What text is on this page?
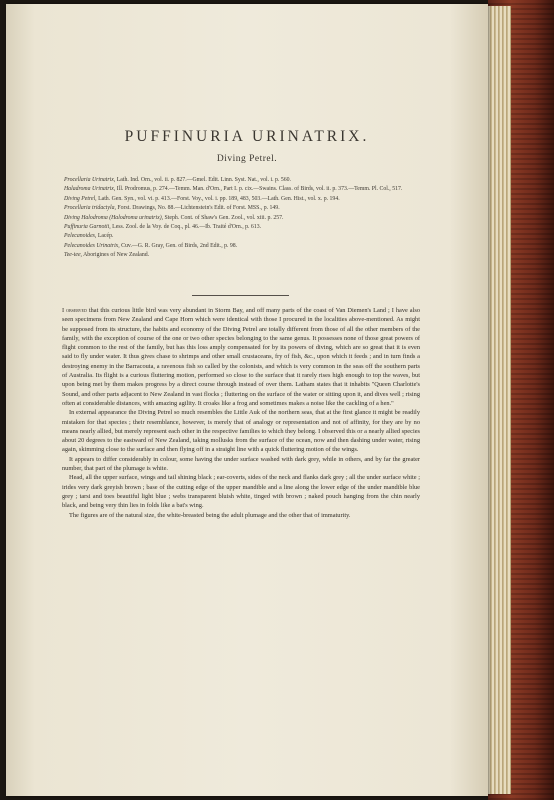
PUFFINURIA URINATRIX.
Diving Petrel.
Procellaria Urinatrix, Lath. Ind. Orn., vol. ii. p. 827.—Gmel. Edit. Linn. Syst. Nat., vol. i. p. 560.
Haladroma Urinatrix, Ill. Prodromus, p. 274.—Temm. Man. d'Orn., Part I. p. cix.—Swains. Class. of Birds, vol. ii. p. 373.—Temm. Pl. Col., 517.
Diving Petrel, Lath. Gen. Syn., vol. vi. p. 413.—Forst. Voy., vol. i. pp. 189, 483, 503.—Lath. Gen. Hist., vol. x. p. 194.
Procellaria tridactyla, Forst. Drawings, No. 88.—Lichtenstein's Edit. of Forst. MSS., p. 149.
Diving Halodroma (Halodroma urinatrix), Steph. Cont. of Shaw's Gen. Zool., vol. xiii. p. 257.
Puffinuria Garnotii, Less. Zool. de la Voy. de Coq., pl. 46.—Ib. Traité d'Orn., p. 613.
Pelecanoides, Lacép.
Pelecanoides Urinatrix, Cuv.—G. R. Gray, Gen. of Birds, 2nd Edit., p. 98.
Tee-tee, Aborigines of New Zealand.

I observed that this curious little bird was very abundant in Storm Bay, and off many parts of the coast of Van Diemen's Land ; I have also seen specimens from New Zealand and Cape Horn which were identical with those I procured in the localities above-mentioned. As might be supposed from its structure, the habits and economy of the Diving Petrel are totally different from those of all the other members of the family, with the exception of course of the one or two other species belonging to the same genus. It possesses none of those great powers of flight common to the rest of the family, but has this loss amply compensated for by its powers of diving, which are so great that it is even said to fly under water. It thus gives chase to shrimps and other small crustaceans, fry of fish, &c., upon which it feeds ; and in turn finds a destroying enemy in the Barracouta, a ravenous fish so called by the colonists, and which is very common in the seas off the southern parts of Australia. Its flight is a curious fluttering motion, performed so close to the surface that it rarely rises high enough to top the waves, but upon being met by them makes progress by a direct course through instead of over them. Latham states that it inhabits "Queen Charlotte's Sound, and other parts adjacent to New Zealand in vast flocks ; fluttering on the surface of the water or sitting upon it, and dives well ; rising often at considerable distances, with amazing agility. It croaks like a frog and sometimes makes a noise like the cackling of a hen."

In external appearance the Diving Petrel so much resembles the Little Auk of the northern seas, that at the first glance it might be readily mistaken for that species ; their resemblance, however, is merely that of analogy or representation and not of affinity, for they are by no means nearly allied, but merely represent each other in the respective families to which they belong. I observed this or a nearly allied species about 20 degrees to the eastward of New Zealand, taking mollusks from the surface of the ocean, now and then dashing under water, rising again, skimming close to the surface and then flying off in a straight line with a quick fluttering motion of the wings.

It appears to differ considerably in colour, some having the under surface washed with dark grey, while in others, and by far the greater number, that part of the plumage is white.

Head, all the upper surface, wings and tail shining black ; ear-coverts, sides of the neck and flanks dark grey ; all the under surface white ; irides very dark greyish brown ; base of the cutting edge of the upper mandible and a line along the lower edge of the under mandible blue grey ; tarsi and toes beautiful light blue ; webs transparent bluish white, tinged with brown ; naked pouch hanging from the chin nearly black, and being very thin lies in folds like a bat's wing.

The figures are of the natural size, the white-breasted being the adult plumage and the other that of immaturity.
